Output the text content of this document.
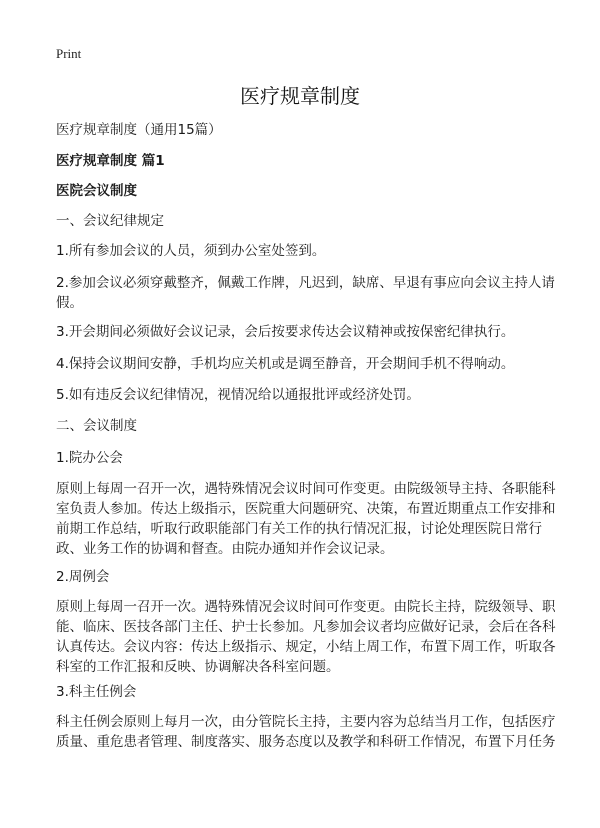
Print
医疗规章制度

医疗规章制度（通用15篇）

医疗规章制度 篇1

医院会议制度

一、会议纪律规定

1.所有参加会议的人员，须到办公室处签到。

2.参加会议必须穿戴整齐，佩戴工作牌，凡迟到，缺席、早退有事应向会议主持人请假。

3.开会期间必须做好会议记录，会后按要求传达会议精神或按保密纪律执行。

4.保持会议期间安静，手机均应关机或是调至静音，开会期间手机不得响动。

5.如有违反会议纪律情况，视情况给以通报批评或经济处罚。

二、会议制度

1.院办公会

原则上每周一召开一次，遇特殊情况会议时间可作变更。由院级领导主持、各职能科室负责人参加。传达上级指示，医院重大问题研究、决策，布置近期重点工作安排和前期工作总结，听取行政职能部门有关工作的执行情况汇报，讨论处理医院日常行政、业务工作的协调和督查。由院办通知并作会议记录。

2.周例会

原则上每周一召开一次。遇特殊情况会议时间可作变更。由院长主持，院级领导、职能、临床、医技各部门主任、护士长参加。凡参加会议者均应做好记录，会后在各科认真传达。会议内容：传达上级指示、规定，小结上周工作，布置下周工作，听取各科室的工作汇报和反映、协调解决各科室问题。

3.科主任例会

科主任例会原则上每月一次，由分管院长主持，主要内容为总结当月工作，包括医疗质量、重危患者管理、制度落实、服务态度以及教学和科研工作情况，布置下月任务
